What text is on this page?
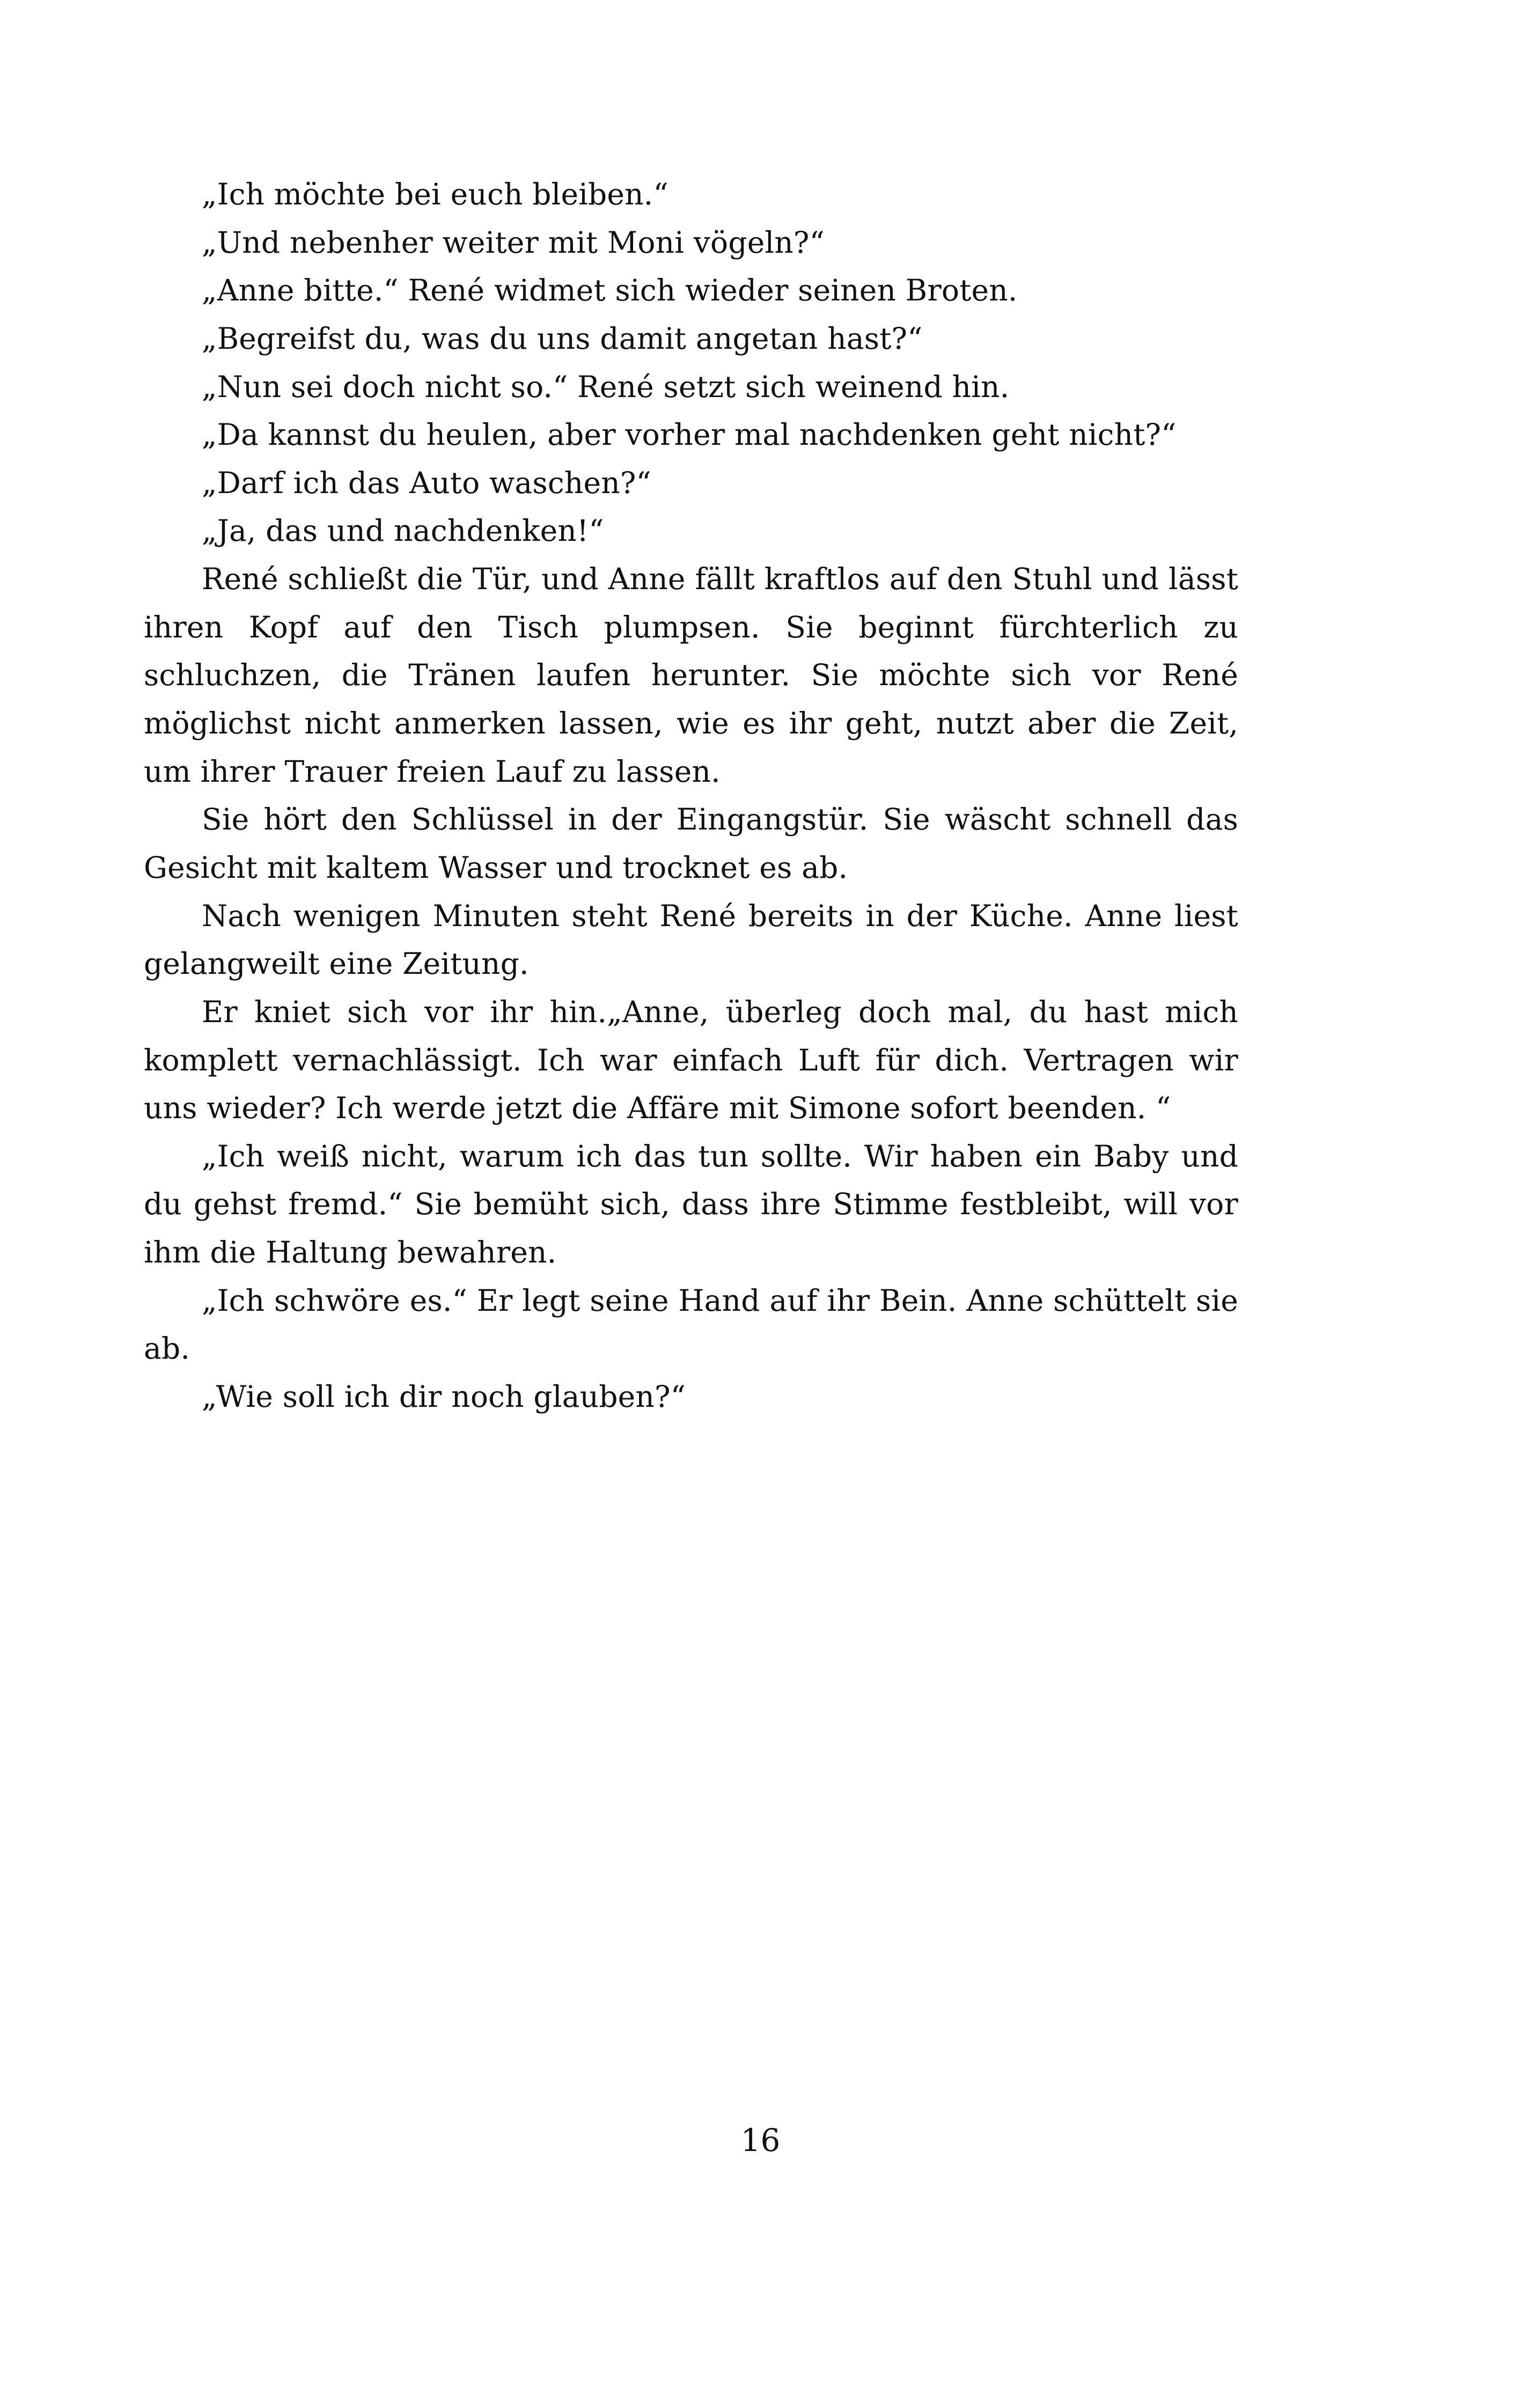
„Ich möchte bei euch bleiben.“

„Und nebenher weiter mit Moni vögeln?“

„Anne bitte.“ René widmet sich wieder seinen Broten.

„Begreifst du, was du uns damit angetan hast?“

„Nun sei doch nicht so.“ René setzt sich weinend hin.

„Da kannst du heulen, aber vorher mal nachdenken geht nicht?“

„Darf ich das Auto waschen?“

„Ja, das und nachdenken!“

René schließt die Tür, und Anne fällt kraftlos auf den Stuhl und lässt ihren Kopf auf den Tisch plumpsen. Sie beginnt fürchterlich zu schluchzen, die Tränen laufen herunter. Sie möchte sich vor René möglichst nicht anmerken lassen, wie es ihr geht, nutzt aber die Zeit, um ihrer Trauer freien Lauf zu lassen.

Sie hört den Schlüssel in der Eingangstür. Sie wäscht schnell das Gesicht mit kaltem Wasser und trocknet es ab.

Nach wenigen Minuten steht René bereits in der Küche. Anne liest gelangweilt eine Zeitung.

Er kniet sich vor ihr hin.„Anne, überleg doch mal, du hast mich komplett vernachlässigt. Ich war einfach Luft für dich. Vertragen wir uns wieder? Ich werde jetzt die Affäre mit Simone sofort beenden. “

„Ich weiß nicht, warum ich das tun sollte. Wir haben ein Baby und du gehst fremd.“ Sie bemüht sich, dass ihre Stimme festbleibt, will vor ihm die Haltung bewahren.

„Ich schwöre es.“ Er legt seine Hand auf ihr Bein. Anne schüttelt sie ab.

„Wie soll ich dir noch glauben?“

16
